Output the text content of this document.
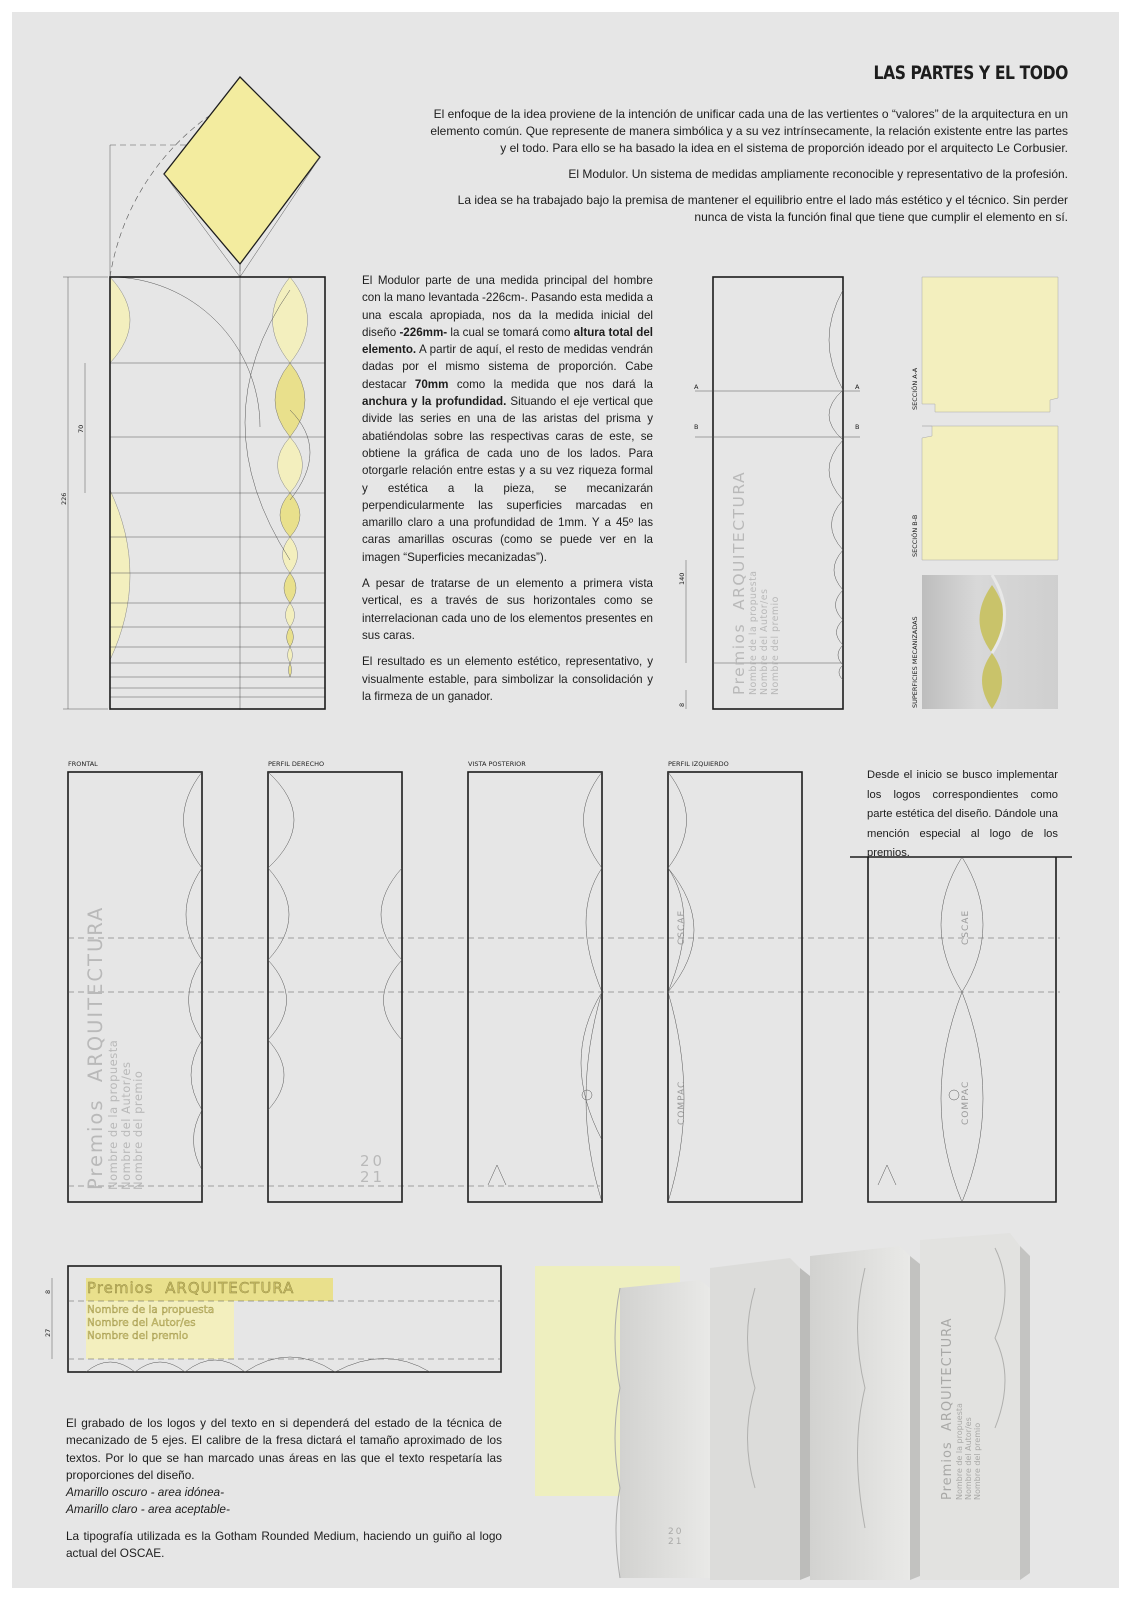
LAS PARTES Y EL TODO

El enfoque de la idea proviene de la intención de unificar cada una de las vertientes o “valores” de la arquitectura en un elemento común. Que represente de manera simbólica y a su vez intrínsecamente, la relación existente entre las partes y el todo. Para ello se ha basado la idea en el sistema de proporción ideado por el arquitecto Le Corbusier.

El Modulor. Un sistema de medidas ampliamente reconocible y representativo de la profesión.

La idea se ha trabajado bajo la premisa de mantener el equilibrio entre el lado más estético y el técnico. Sin perder nunca de vista la función final que tiene que cumplir el elemento en sí.

El Modulor parte de una medida principal del hombre con la mano levantada -226cm-. Pasando esta medida a una escala apropiada, nos da la medida inicial del diseño -226mm- la cual se tomará como altura total del elemento. A partir de aquí, el resto de medidas vendrán dadas por el mismo sistema de proporción. Cabe destacar 70mm como la medida que nos dará la anchura y la profundidad. Situando el eje vertical que divide las series en una de las aristas del prisma y abatiéndolas sobre las respectivas caras de este, se obtiene la gráfica de cada uno de los lados. Para otorgarle relación entre estas y a su vez riqueza formal y estética a la pieza, se mecanizarán perpendicularmente las superficies marcadas en amarillo claro a una profundidad de 1mm. Y a 45º las caras amarillas oscuras (como se puede ver en la imagen “Superficies mecanizadas”).

A pesar de tratarse de un elemento a primera vista vertical, es a través de sus horizontales como se interrelacionan cada uno de los elementos presentes en sus caras.

El resultado es un elemento estético, representativo, y visualmente estable, para simbolizar la consolidación y la firmeza de un ganador.

Desde el inicio se busco implementar los logos correspondientes como parte estética del diseño. Dándole una mención especial al logo de los premios.

El grabado de los logos y del texto en si dependerá del estado de la técnica de mecanizado de 5 ejes. El calibre de la fresa dictará el tamaño aproximado de los textos. Por lo que se han marcado unas áreas en las que el texto respetaría las proporciones del diseño.

Amarillo oscuro - area idónea-

Amarillo claro - area aceptable-

La tipografía utilizada es la Gotham Rounded Medium, haciendo un guiño al logo actual del OSCAE.

226
70
140
8
8
27
A	A
B	B
SECCIÓN A-A
SECCIÓN B-B
SUPERFICIES MECANIZADAS
FRONTAL	PERFIL DERECHO	VISTA POSTERIOR	PERFIL IZQUIERDO
Premios  ARQUITECTURA
Nombre de la propuesta Nombre del Autor/es Nombre del premio
Premios  ARQUITECTURA
Nombre de la propuesta
Nombre del Autor/es
Nombre del premio	20
21
CSCAE
COMPAC
CSCAE
COMPAC
Premios ARQUITECTURA
Nombre de la propuesta
Nombre del Autor/es
Nombre del premio
Premios  ARQUITECTURA
Nombre de la propuesta Nombre del Autor/es Nombre del premio
20
21
